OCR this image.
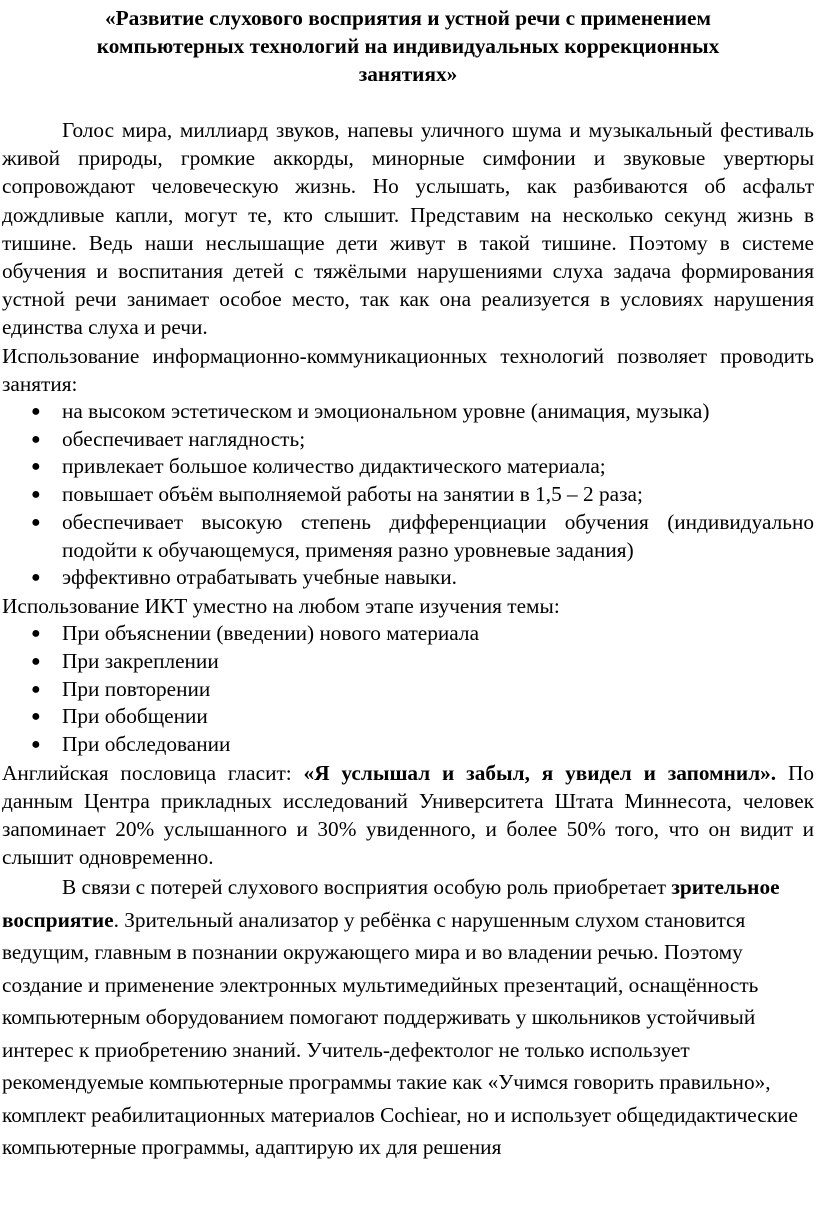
«Развитие слухового восприятия и устной речи с применением
компьютерных технологий на индивидуальных коррекционных
занятиях»

Голос мира, миллиард звуков, напевы уличного шума и музыкальный фестиваль живой природы, громкие аккорды, минорные симфонии и звуковые увертюры сопровождают человеческую жизнь. Но услышать, как разбиваются об асфальт дождливые капли, могут те, кто слышит. Представим на несколько секунд жизнь в тишине. Ведь наши неслышащие дети живут в такой тишине. Поэтому в системе обучения и воспитания детей с тяжёлыми нарушениями слуха задача формирования устной речи занимает особое место, так как она реализуется в условиях нарушения единства слуха и речи.

Использование информационно-коммуникационных технологий позволяет проводить занятия:

● на высоком эстетическом и эмоциональном уровне (анимация, музыка)
● обеспечивает наглядность;
● привлекает большое количество дидактического материала;
● повышает объём выполняемой работы на занятии в 1,5 – 2 раза;
● обеспечивает высокую степень дифференциации обучения (индивидуально подойти к обучающемуся, применяя разно уровневые задания)
● эффективно отрабатывать учебные навыки.

Использование ИКТ уместно на любом этапе изучения темы:

● При объяснении (введении) нового материала
● При закреплении
● При повторении
● При обобщении
● При обследовании

Английская пословица гласит: «Я услышал и забыл, я увидел и запомнил». По данным Центра прикладных исследований Университета Штата Миннесота, человек запоминает 20% услышанного и 30% увиденного, и более 50% того, что он видит и слышит одновременно.

В связи с потерей слухового восприятия особую роль приобретает зрительное восприятие. Зрительный анализатор у ребёнка с нарушенным слухом становится ведущим, главным в познании окружающего мира и во владении речью. Поэтому создание и применение электронных мультимедийных презентаций, оснащённость компьютерным оборудованием помогают поддерживать у школьников устойчивый интерес к приобретению знаний. Учитель-дефектолог не только использует рекомендуемые компьютерные программы такие как «Учимся говорить правильно», комплект реабилитационных материалов Cochiear, но и использует общедидактические компьютерные программы, адаптирую их для решения
